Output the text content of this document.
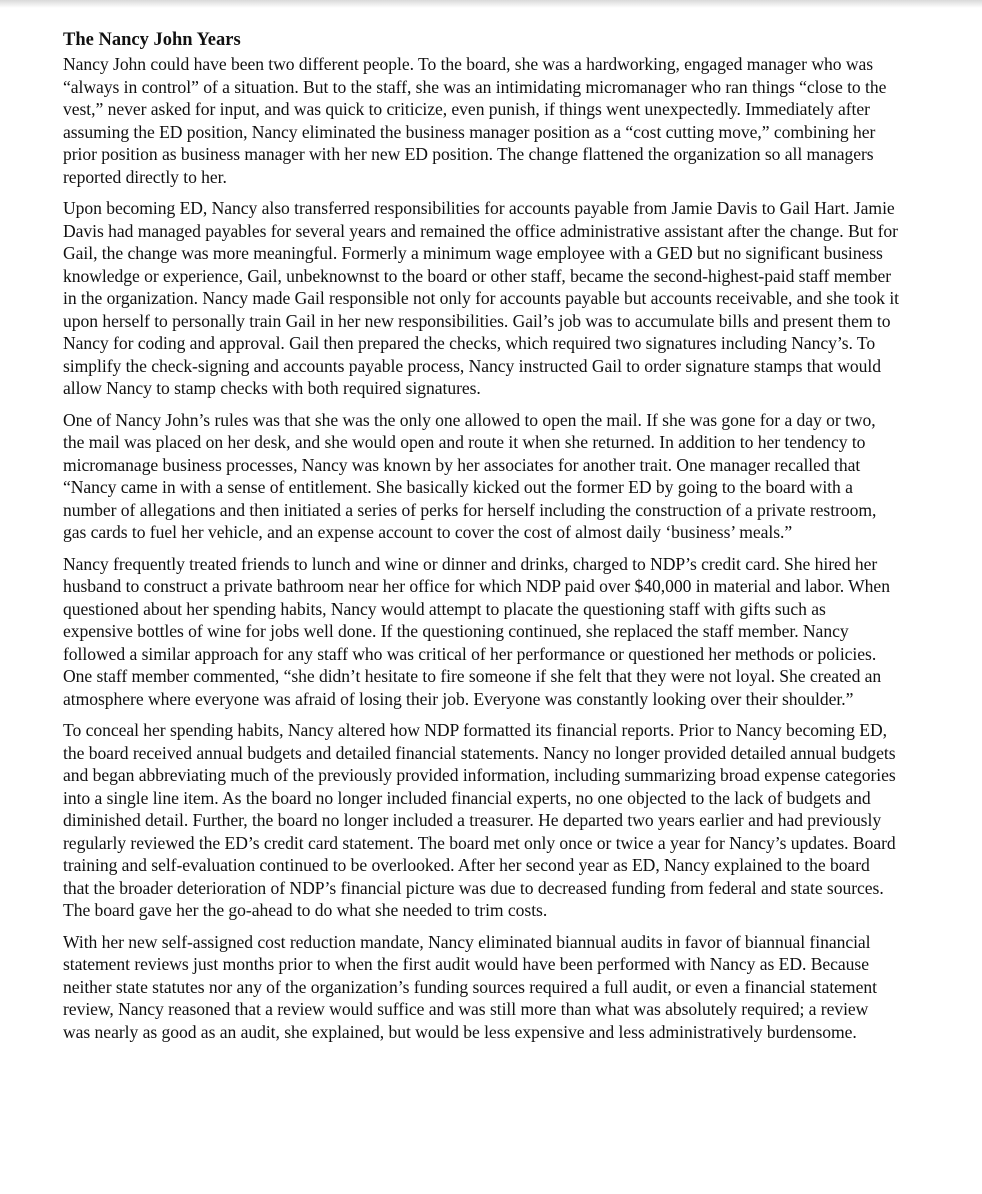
The Nancy John Years

Nancy John could have been two different people. To the board, she was a hardworking, engaged manager who was “always in control” of a situation. But to the staff, she was an intimidating micromanager who ran things “close to the vest,” never asked for input, and was quick to criticize, even punish, if things went unexpectedly. Immediately after assuming the ED position, Nancy eliminated the business manager position as a “cost cutting move,” combining her prior position as business manager with her new ED position. The change flattened the organization so all managers reported directly to her.

Upon becoming ED, Nancy also transferred responsibilities for accounts payable from Jamie Davis to Gail Hart. Jamie Davis had managed payables for several years and remained the office administrative assistant after the change. But for Gail, the change was more meaningful. Formerly a minimum wage employee with a GED but no significant business knowledge or experience, Gail, unbeknownst to the board or other staff, became the second-highest-paid staff member in the organization. Nancy made Gail responsible not only for accounts payable but accounts receivable, and she took it upon herself to personally train Gail in her new responsibilities. Gail’s job was to accumulate bills and present them to Nancy for coding and approval. Gail then prepared the checks, which required two signatures including Nancy’s. To simplify the check-signing and accounts payable process, Nancy instructed Gail to order signature stamps that would allow Nancy to stamp checks with both required signatures.

One of Nancy John’s rules was that she was the only one allowed to open the mail. If she was gone for a day or two, the mail was placed on her desk, and she would open and route it when she returned. In addition to her tendency to micromanage business processes, Nancy was known by her associates for another trait. One manager recalled that “Nancy came in with a sense of entitlement. She basically kicked out the former ED by going to the board with a number of allegations and then initiated a series of perks for herself including the construction of a private restroom, gas cards to fuel her vehicle, and an expense account to cover the cost of almost daily ‘business’ meals.”

Nancy frequently treated friends to lunch and wine or dinner and drinks, charged to NDP’s credit card. She hired her husband to construct a private bathroom near her office for which NDP paid over $40,000 in material and labor. When questioned about her spending habits, Nancy would attempt to placate the questioning staff with gifts such as expensive bottles of wine for jobs well done. If the questioning continued, she replaced the staff member. Nancy followed a similar approach for any staff who was critical of her performance or questioned her methods or policies. One staff member commented, “she didn’t hesitate to fire someone if she felt that they were not loyal. She created an atmosphere where everyone was afraid of losing their job. Everyone was constantly looking over their shoulder.”

To conceal her spending habits, Nancy altered how NDP formatted its financial reports. Prior to Nancy becoming ED, the board received annual budgets and detailed financial statements. Nancy no longer provided detailed annual budgets and began abbreviating much of the previously provided information, including summarizing broad expense categories into a single line item. As the board no longer included financial experts, no one objected to the lack of budgets and diminished detail. Further, the board no longer included a treasurer. He departed two years earlier and had previously regularly reviewed the ED’s credit card statement. The board met only once or twice a year for Nancy’s updates. Board training and self-evaluation continued to be overlooked. After her second year as ED, Nancy explained to the board that the broader deterioration of NDP’s financial picture was due to decreased funding from federal and state sources. The board gave her the go-ahead to do what she needed to trim costs.

With her new self-assigned cost reduction mandate, Nancy eliminated biannual audits in favor of biannual financial statement reviews just months prior to when the first audit would have been performed with Nancy as ED. Because neither state statutes nor any of the organization’s funding sources required a full audit, or even a financial statement review, Nancy reasoned that a review would suffice and was still more than what was absolutely required; a review was nearly as good as an audit, she explained, but would be less expensive and less administratively burdensome.
